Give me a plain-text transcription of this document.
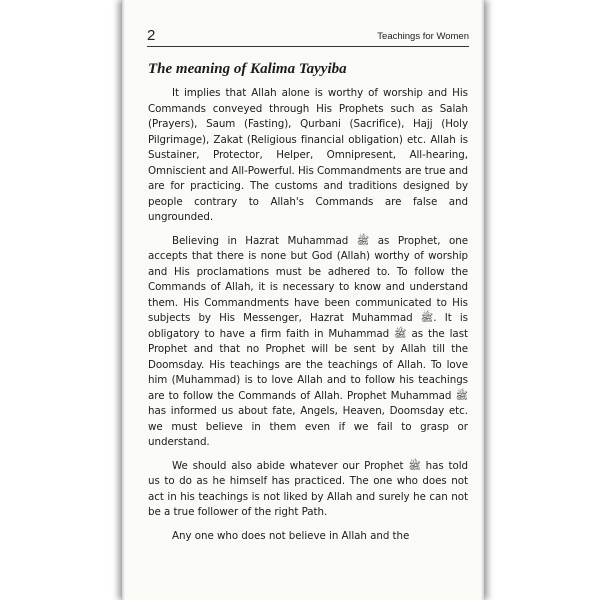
2	Teachings for Women
The meaning of Kalima Tayyiba

It implies that Allah alone is worthy of worship and His Commands conveyed through His Prophets such as Salah (Prayers), Saum (Fasting), Qurbani (Sacrifice), Hajj (Holy Pilgrimage), Zakat (Religious financial obligation) etc. Allah is Sustainer, Protector, Helper, Omnipresent, All-hearing, Omniscient and All-Powerful. His Commandments are true and are for practicing. The customs and traditions designed by people contrary to Allah's Commands are false and ungrounded.

Believing in Hazrat Muhammad ﷺ as Prophet, one accepts that there is none but God (Allah) worthy of worship and His proclamations must be adhered to. To follow the Commands of Allah, it is necessary to know and understand them. His Commandments have been communicated to His subjects by His Messenger, Hazrat Muhammad ﷺ. It is obligatory to have a firm faith in Muhammad ﷺ as the last Prophet and that no Prophet will be sent by Allah till the Doomsday. His teachings are the teachings of Allah. To love him (Muhammad) is to love Allah and to follow his teachings are to follow the Commands of Allah. Prophet Muhammad ﷺ has informed us about fate, Angels, Heaven, Doomsday etc. we must believe in them even if we fail to grasp or understand.

We should also abide whatever our Prophet ﷺ has told us to do as he himself has practiced. The one who does not act in his teachings is not liked by Allah and surely he can not be a true follower of the right Path.

Any one who does not believe in Allah and the
